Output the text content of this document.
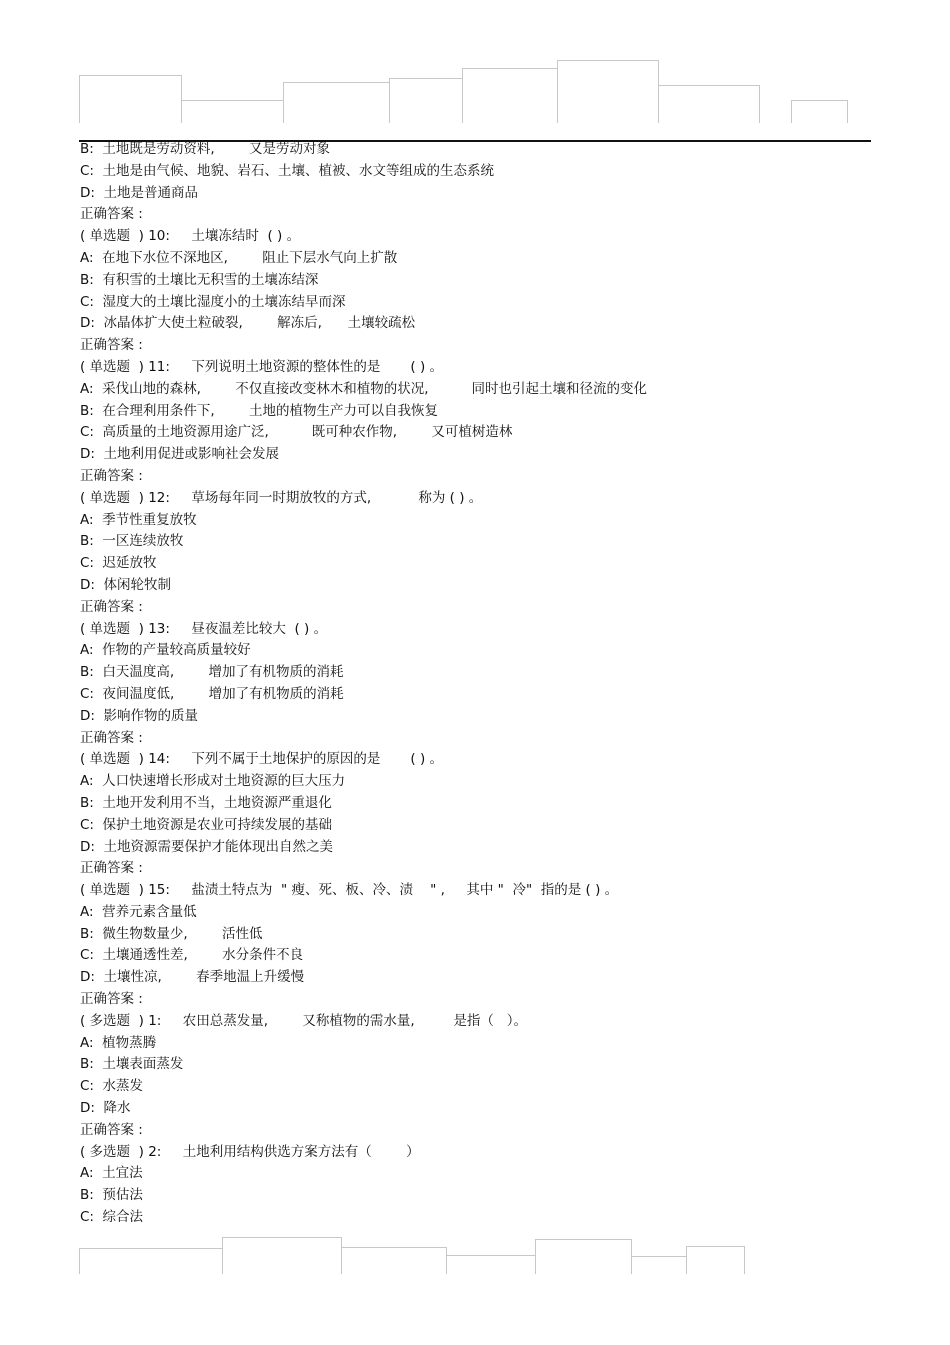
B:  土地既是劳动资料,        又是劳动对象
C:  土地是由气候、地貌、岩石、土壤、植被、水文等组成的生态系统
D:  土地是普通商品
正确答案 :
( 单选题  ) 10:     土壤冻结时  ( ) 。
A:  在地下水位不深地区,        阻止下层水气向上扩散
B:  有积雪的土壤比无积雪的土壤冻结深
C:  湿度大的土壤比湿度小的土壤冻结早而深
D:  冰晶体扩大使土粒破裂,        解冻后,      土壤较疏松
正确答案 :
( 单选题  ) 11:     下列说明土地资源的整体性的是       ( ) 。
A:  采伐山地的森林,        不仅直接改变林木和植物的状况,          同时也引起土壤和径流的变化
B:  在合理利用条件下,        土地的植物生产力可以自我恢复
C:  高质量的土地资源用途广泛,          既可种农作物,        又可植树造林
D:  土地利用促进或影响社会发展
正确答案 :
( 单选题  ) 12:     草场每年同一时期放牧的方式,           称为 ( ) 。
A:  季节性重复放牧
B:  一区连续放牧
C:  迟延放牧
D:  体闲轮牧制
正确答案 :
( 单选题  ) 13:     昼夜温差比较大  ( ) 。
A:  作物的产量较高质量较好
B:  白天温度高,        增加了有机物质的消耗
C:  夜间温度低,        增加了有机物质的消耗
D:  影响作物的质量
正确答案 :
( 单选题  ) 14:     下列不属于土地保护的原因的是       ( ) 。
A:  人口快速增长形成对土地资源的巨大压力
B:  土地开发利用不当，土地资源严重退化
C:  保护土地资源是农业可持续发展的基础
D:  土地资源需要保护才能体现出自然之美
正确答案 :
( 单选题  ) 15:     盐渍土特点为  " 瘦、死、板、冷、渍    " ,     其中 "  冷"  指的是 ( ) 。
A:  营养元素含量低
B:  微生物数量少,        活性低
C:  土壤通透性差,        水分条件不良
D:  土壤性凉,        春季地温上升缓慢
正确答案 :
( 多选题  ) 1:     农田总蒸发量,        又称植物的需水量,         是指（   ）。
A:  植物蒸腾
B:  土壤表面蒸发
C:  水蒸发
D:  降水
正确答案 :
( 多选题  ) 2:     土地利用结构供选方案方法有（        ）
A:  土宜法
B:  预估法
C:  综合法
